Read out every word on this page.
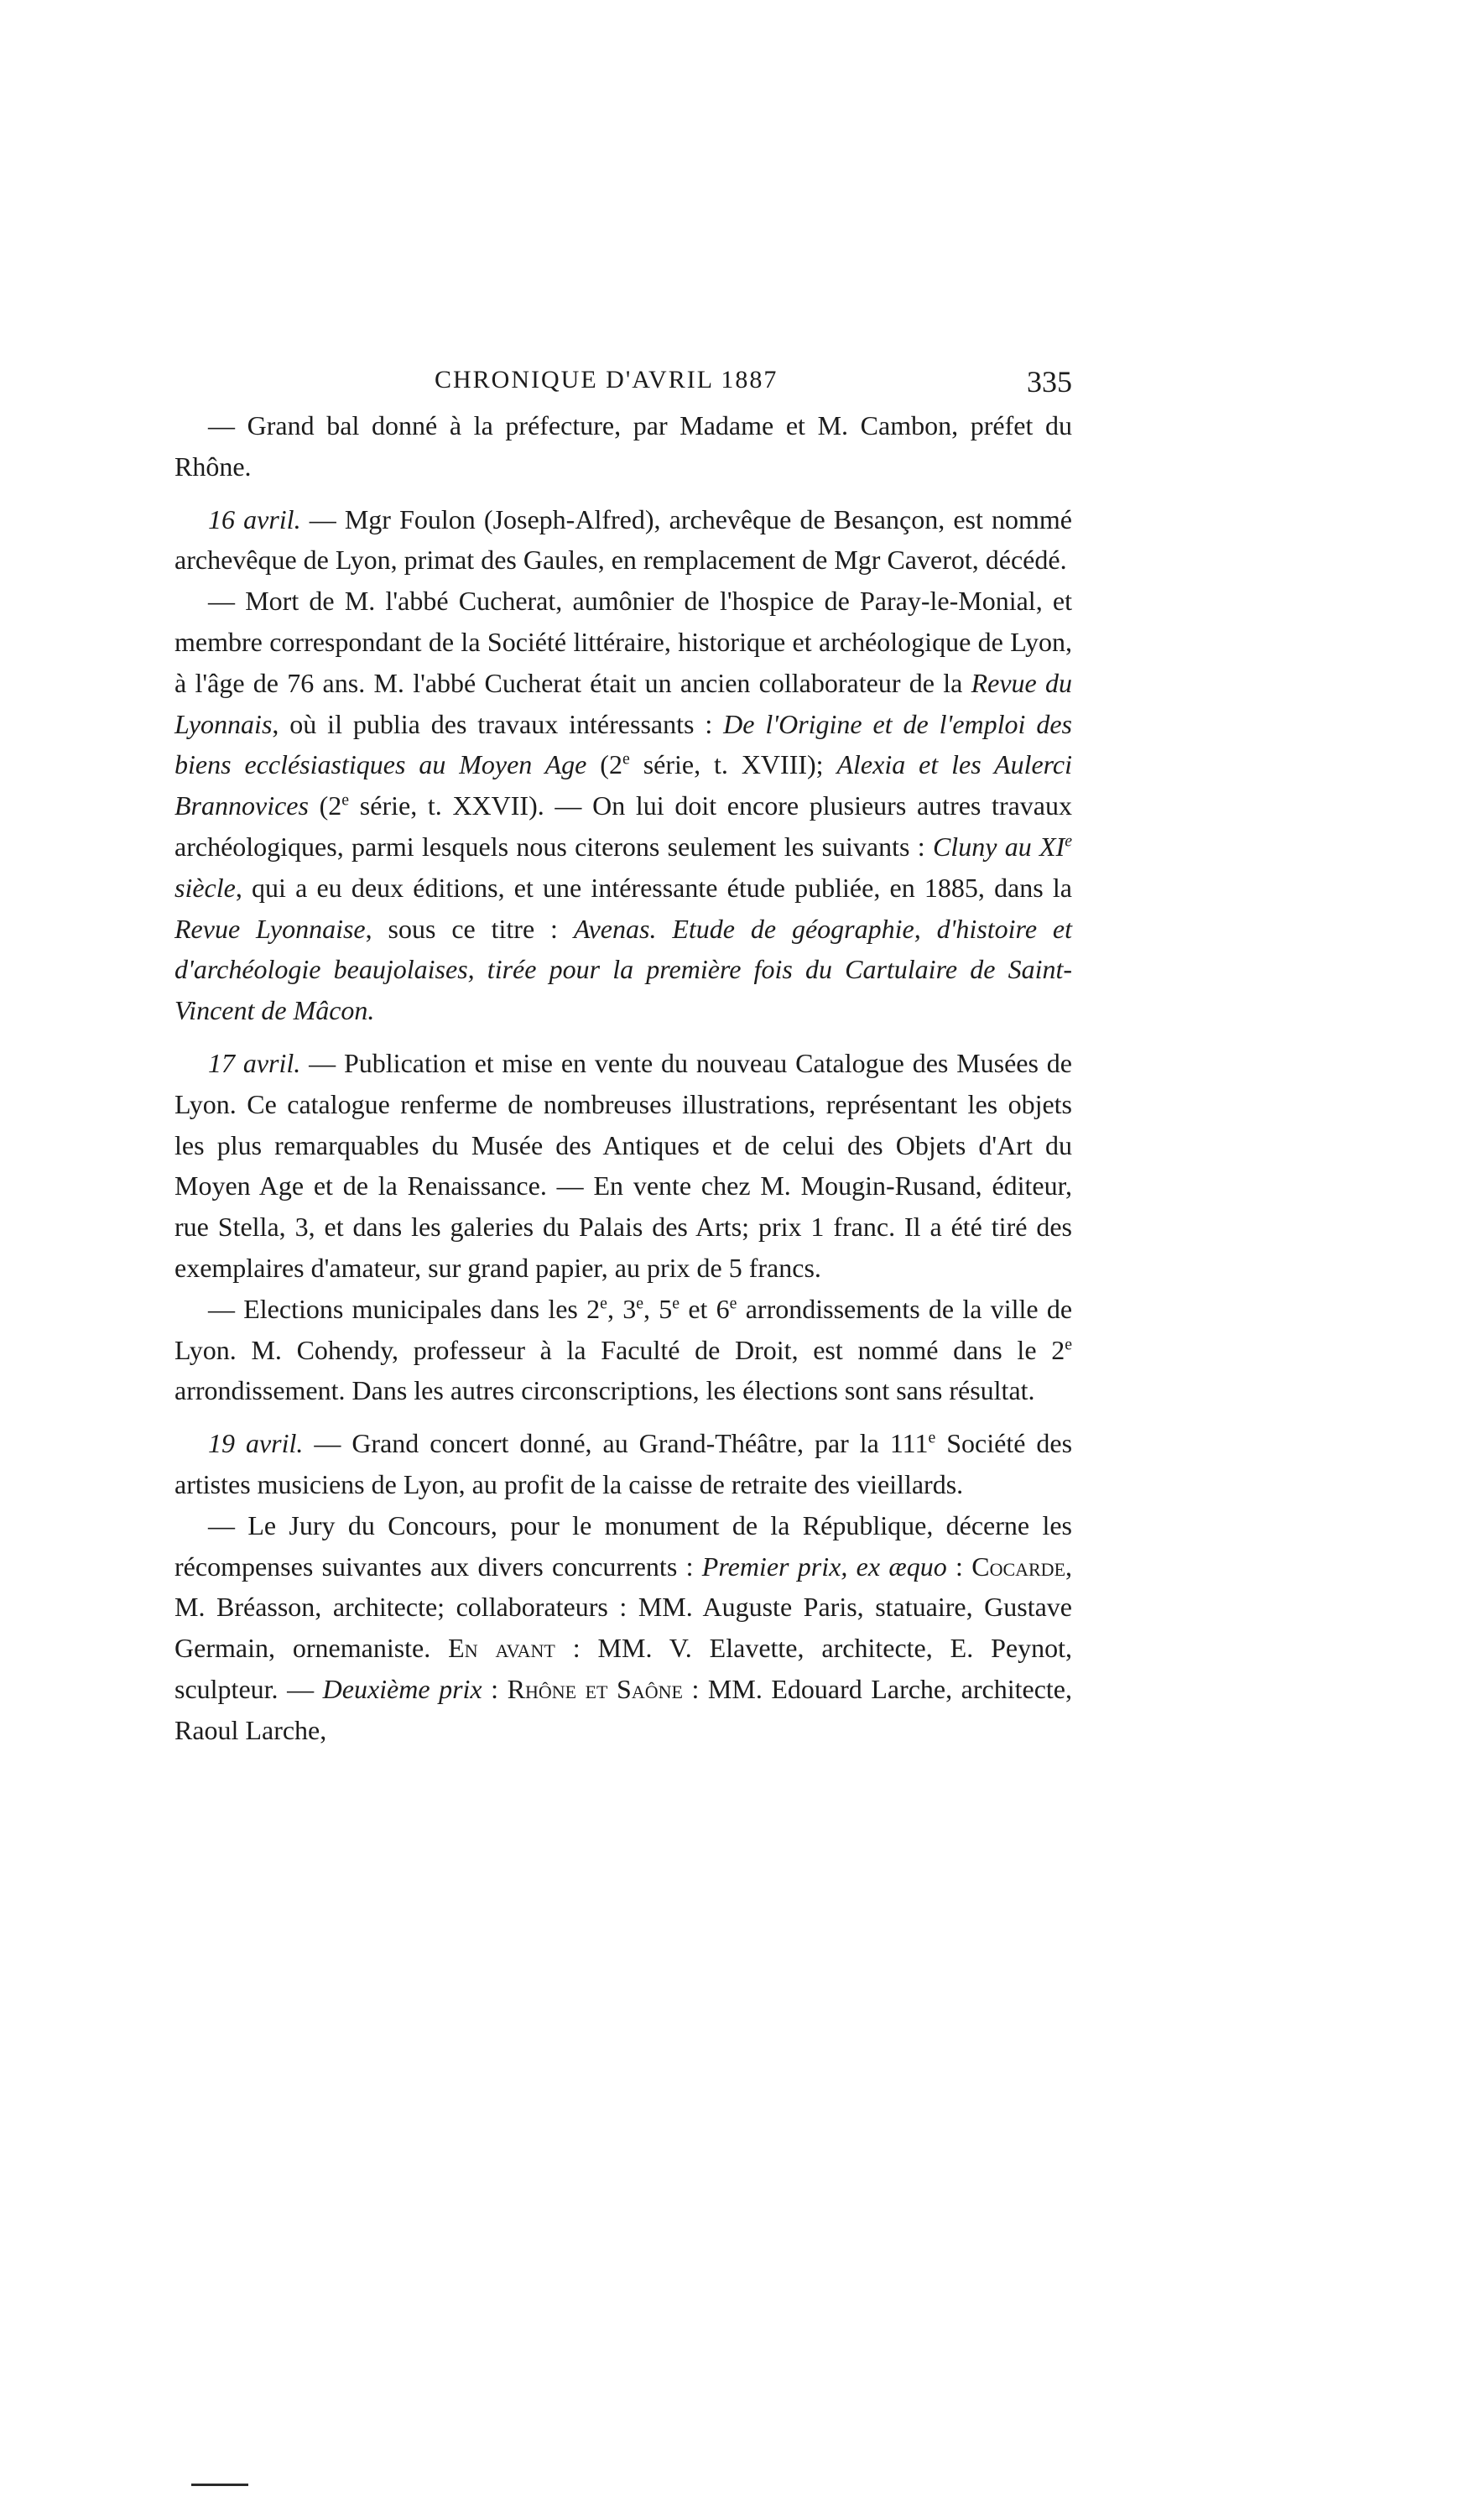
CHRONIQUE D'AVRIL 1887	335

— Grand bal donné à la préfecture, par Madame et M. Cambon, préfet du Rhône.

16 avril. — Mgr Foulon (Joseph-Alfred), archevêque de Besançon, est nommé archevêque de Lyon, primat des Gaules, en remplacement de Mgr Caverot, décédé.

— Mort de M. l'abbé Cucherat, aumônier de l'hospice de Paray-le-Monial, et membre correspondant de la Société littéraire, historique et archéologique de Lyon, à l'âge de 76 ans. M. l'abbé Cucherat était un ancien collaborateur de la Revue du Lyonnais, où il publia des travaux intéressants : De l'Origine et de l'emploi des biens ecclésiastiques au Moyen Age (2e série, t. XVIII); Alexia et les Aulerci Brannovices (2e série, t. XXVII). — On lui doit encore plusieurs autres travaux archéologiques, parmi lesquels nous citerons seulement les suivants : Cluny au XIe siècle, qui a eu deux éditions, et une intéressante étude publiée, en 1885, dans la Revue Lyonnaise, sous ce titre : Avenas. Etude de géographie, d'histoire et d'archéologie beaujolaises, tirée pour la première fois du Cartulaire de Saint-Vincent de Mâcon.

17 avril. — Publication et mise en vente du nouveau Catalogue des Musées de Lyon. Ce catalogue renferme de nombreuses illustrations, représentant les objets les plus remarquables du Musée des Antiques et de celui des Objets d'Art du Moyen Age et de la Renaissance. — En vente chez M. Mougin-Rusand, éditeur, rue Stella, 3, et dans les galeries du Palais des Arts; prix 1 franc. Il a été tiré des exemplaires d'amateur, sur grand papier, au prix de 5 francs.

— Elections municipales dans les 2e, 3e, 5e et 6e arrondissements de la ville de Lyon. M. Cohendy, professeur à la Faculté de Droit, est nommé dans le 2e arrondissement. Dans les autres circonscriptions, les élections sont sans résultat.

19 avril. — Grand concert donné, au Grand-Théâtre, par la 111e Société des artistes musiciens de Lyon, au profit de la caisse de retraite des vieillards.

— Le Jury du Concours, pour le monument de la République, décerne les récompenses suivantes aux divers concurrents : Premier prix, ex æquo : Cocarde, M. Bréasson, architecte; collaborateurs : MM. Auguste Paris, statuaire, Gustave Germain, ornemaniste. En avant : MM. V. Elavette, architecte, E. Peynot, sculpteur. — Deuxième prix : Rhône et Saône : MM. Edouard Larche, architecte, Raoul Larche,
